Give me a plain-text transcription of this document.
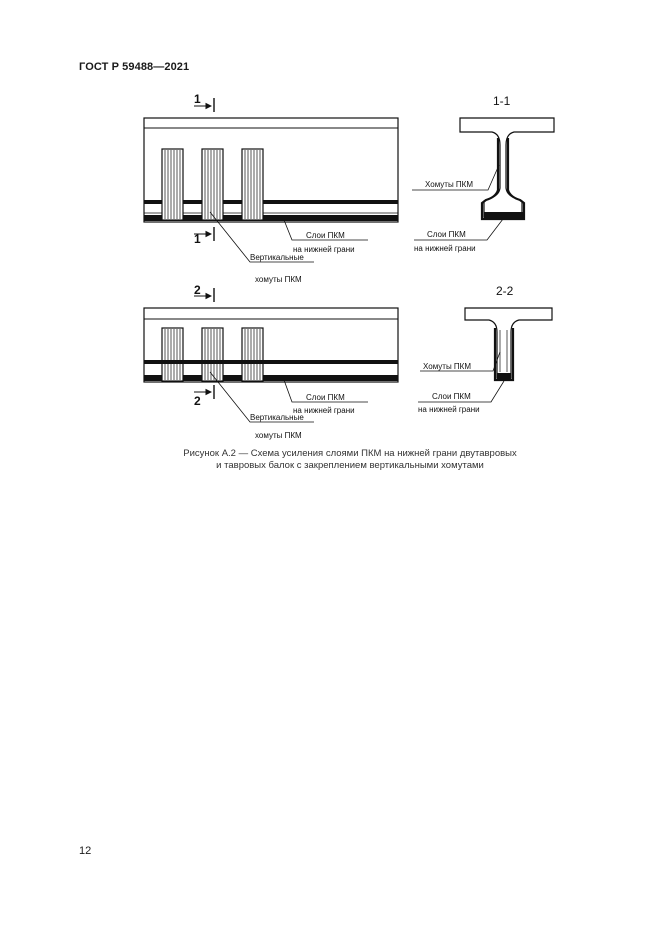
ГОСТ Р 59488—2021
1
1
Вертикальные
хомуты ПКМ
Слои ПКМ
на нижней грани
1-1
Хомуты ПКМ
Слои ПКМ
на нижней грани
2
2
Вертикальные
хомуты ПКМ
Слои ПКМ
на нижней грани
2-2
Хомуты ПКМ
Слои ПКМ
на нижней грани
Рисунок А.2 — Схема усиления слоями ПКМ на нижней грани двутавровых
и тавровых балок с закреплением вертикальными хомутами
12
